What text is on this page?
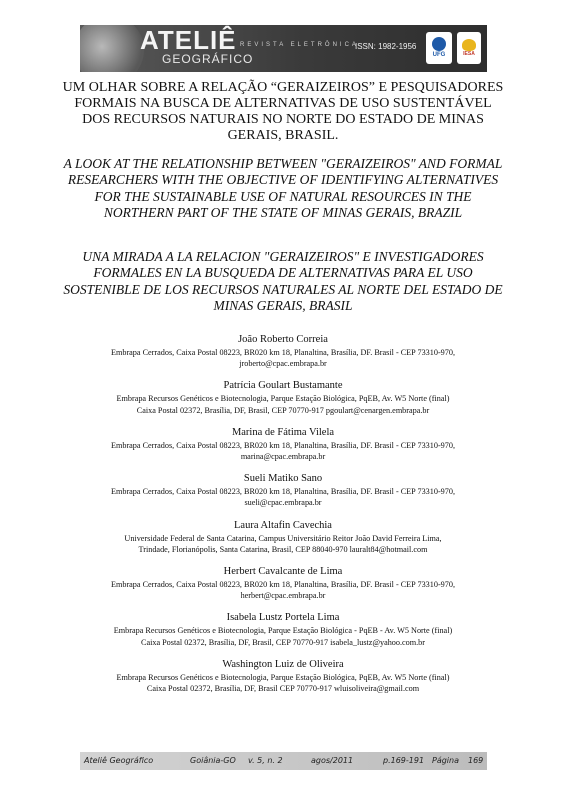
ATELIÊ
GEOGRÁFICO
REVISTA ELETRÔNICA
ISSN: 1982-1956
UFG	IESA
UM OLHAR SOBRE A RELAÇÃO “GERAIZEIROS” E PESQUISADORES FORMAIS NA BUSCA DE ALTERNATIVAS DE USO SUSTENTÁVEL DOS RECURSOS NATURAIS NO NORTE DO ESTADO DE MINAS GERAIS, BRASIL.
A LOOK AT THE RELATIONSHIP BETWEEN "GERAIZEIROS" AND FORMAL RESEARCHERS WITH THE OBJECTIVE OF IDENTIFYING ALTERNATIVES FOR THE SUSTAINABLE USE OF NATURAL RESOURCES IN THE NORTHERN PART OF THE STATE OF MINAS GERAIS, BRAZIL
UNA MIRADA A LA RELACION "GERAIZEIROS" E INVESTIGADORES FORMALES EN LA BUSQUEDA DE ALTERNATIVAS PARA EL USO SOSTENIBLE DE LOS RECURSOS NATURALES AL NORTE DEL ESTADO DE MINAS GERAIS, BRASIL
João Roberto Correia
Embrapa Cerrados, Caixa Postal 08223, BR020 km 18, Planaltina, Brasília, DF. Brasil - CEP 73310-970,
jroberto@cpac.embrapa.br
Patrícia Goulart Bustamante
Embrapa Recursos Genéticos e Biotecnologia, Parque Estação Biológica, PqEB, Av. W5 Norte (final)
Caixa Postal 02372, Brasília, DF, Brasil, CEP 70770-917 pgoulart@cenargen.embrapa.br
Marina de Fátima Vilela
Embrapa Cerrados, Caixa Postal 08223, BR020 km 18, Planaltina, Brasília, DF. Brasil - CEP 73310-970,
marina@cpac.embrapa.br
Sueli Matiko Sano
Embrapa Cerrados, Caixa Postal 08223, BR020 km 18, Planaltina, Brasília, DF. Brasil - CEP 73310-970,
sueli@cpac.embrapa.br
Laura Altafin Cavechia
Universidade Federal de Santa Catarina, Campus Universitário Reitor João David Ferreira Lima,
Trindade, Florianópolis, Santa Catarina, Brasil, CEP 88040-970 lauralt84@hotmail.com
Herbert Cavalcante de Lima
Embrapa Cerrados, Caixa Postal 08223, BR020 km 18, Planaltina, Brasília, DF. Brasil - CEP 73310-970,
herbert@cpac.embrapa.br
Isabela Lustz Portela Lima
Embrapa Recursos Genéticos e Biotecnologia, Parque Estação Biológica - PqEB - Av. W5 Norte (final)
Caixa Postal 02372, Brasília, DF, Brasil, CEP 70770-917 isabela_lustz@yahoo.com.br
Washington Luiz de Oliveira
Embrapa Recursos Genéticos e Biotecnologia, Parque Estação Biológica, PqEB, Av. W5 Norte (final)
Caixa Postal 02372, Brasília, DF, Brasil CEP 70770-917 wluisoliveira@gmail.com
Ateliê Geográfico	Goiânia-GO v. 5, n. 2	agos/2011	p.169-191 Página 169
